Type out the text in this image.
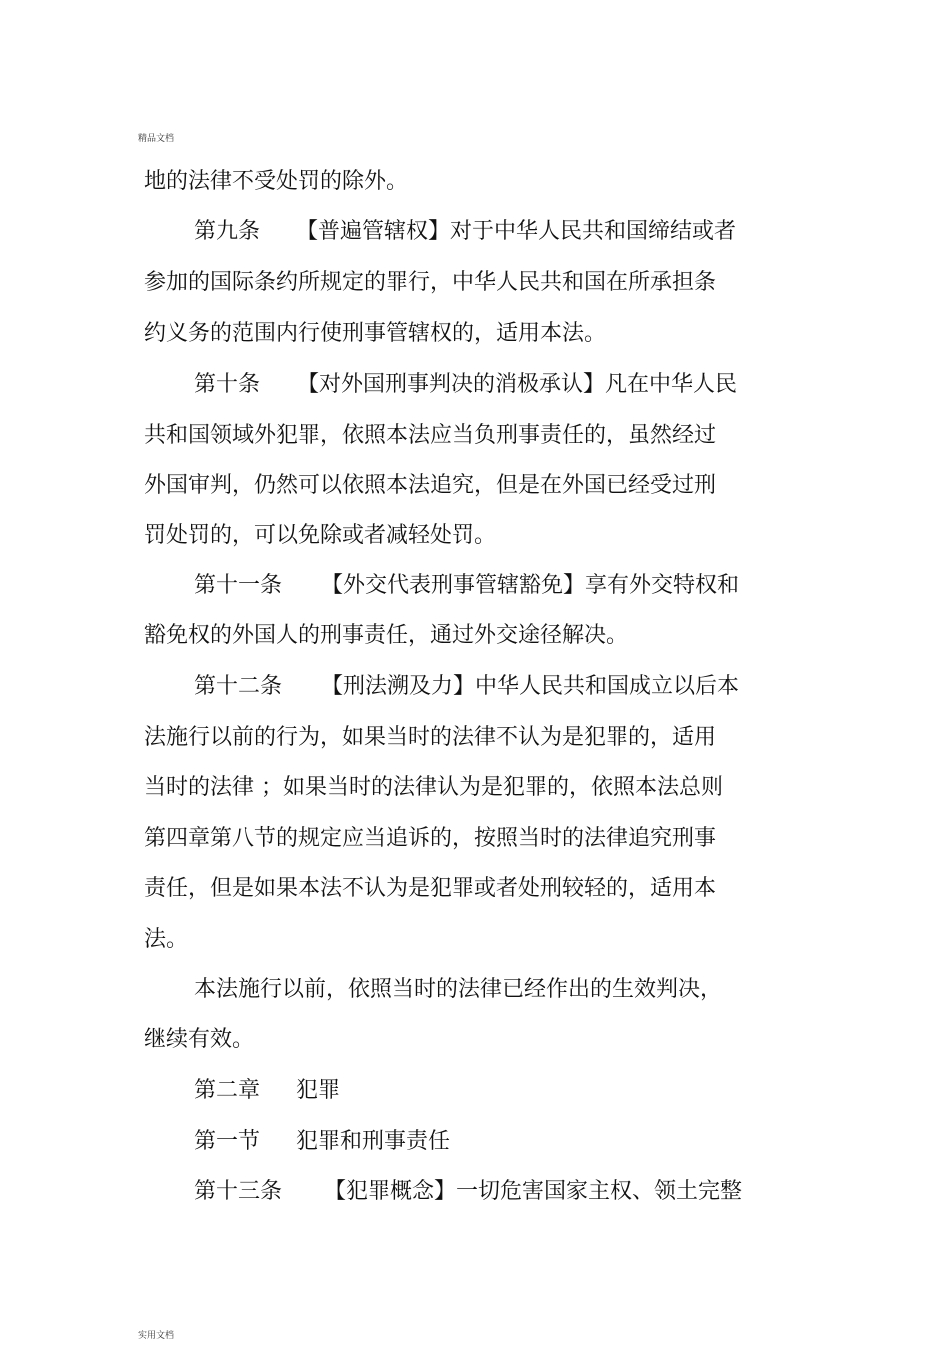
精品文档
地的法律不受处罚的除外。
第九条 【普遍管辖权】对于中华人民共和国缔结或者
参加的国际条约所规定的罪行，中华人民共和国在所承担条
约义务的范围内行使刑事管辖权的，适用本法。
第十条 【对外国刑事判决的消极承认】凡在中华人民
共和国领域外犯罪，依照本法应当负刑事责任的，虽然经过
外国审判，仍然可以依照本法追究，但是在外国已经受过刑
罚处罚的，可以免除或者减轻处罚。
第十一条 【外交代表刑事管辖豁免】享有外交特权和
豁免权的外国人的刑事责任，通过外交途径解决。
第十二条 【刑法溯及力】中华人民共和国成立以后本
法施行以前的行为，如果当时的法律不认为是犯罪的，适用
当时的法律 ；如果当时的法律认为是犯罪的，依照本法总则
第四章第八节的规定应当追诉的，按照当时的法律追究刑事
责任，但是如果本法不认为是犯罪或者处刑较轻的，适用本
法。
本法施行以前，依照当时的法律已经作出的生效判决，
继续有效。
第二章 犯罪
第一节 犯罪和刑事责任
第十三条 【犯罪概念】一切危害国家主权、领土完整
实用文档
